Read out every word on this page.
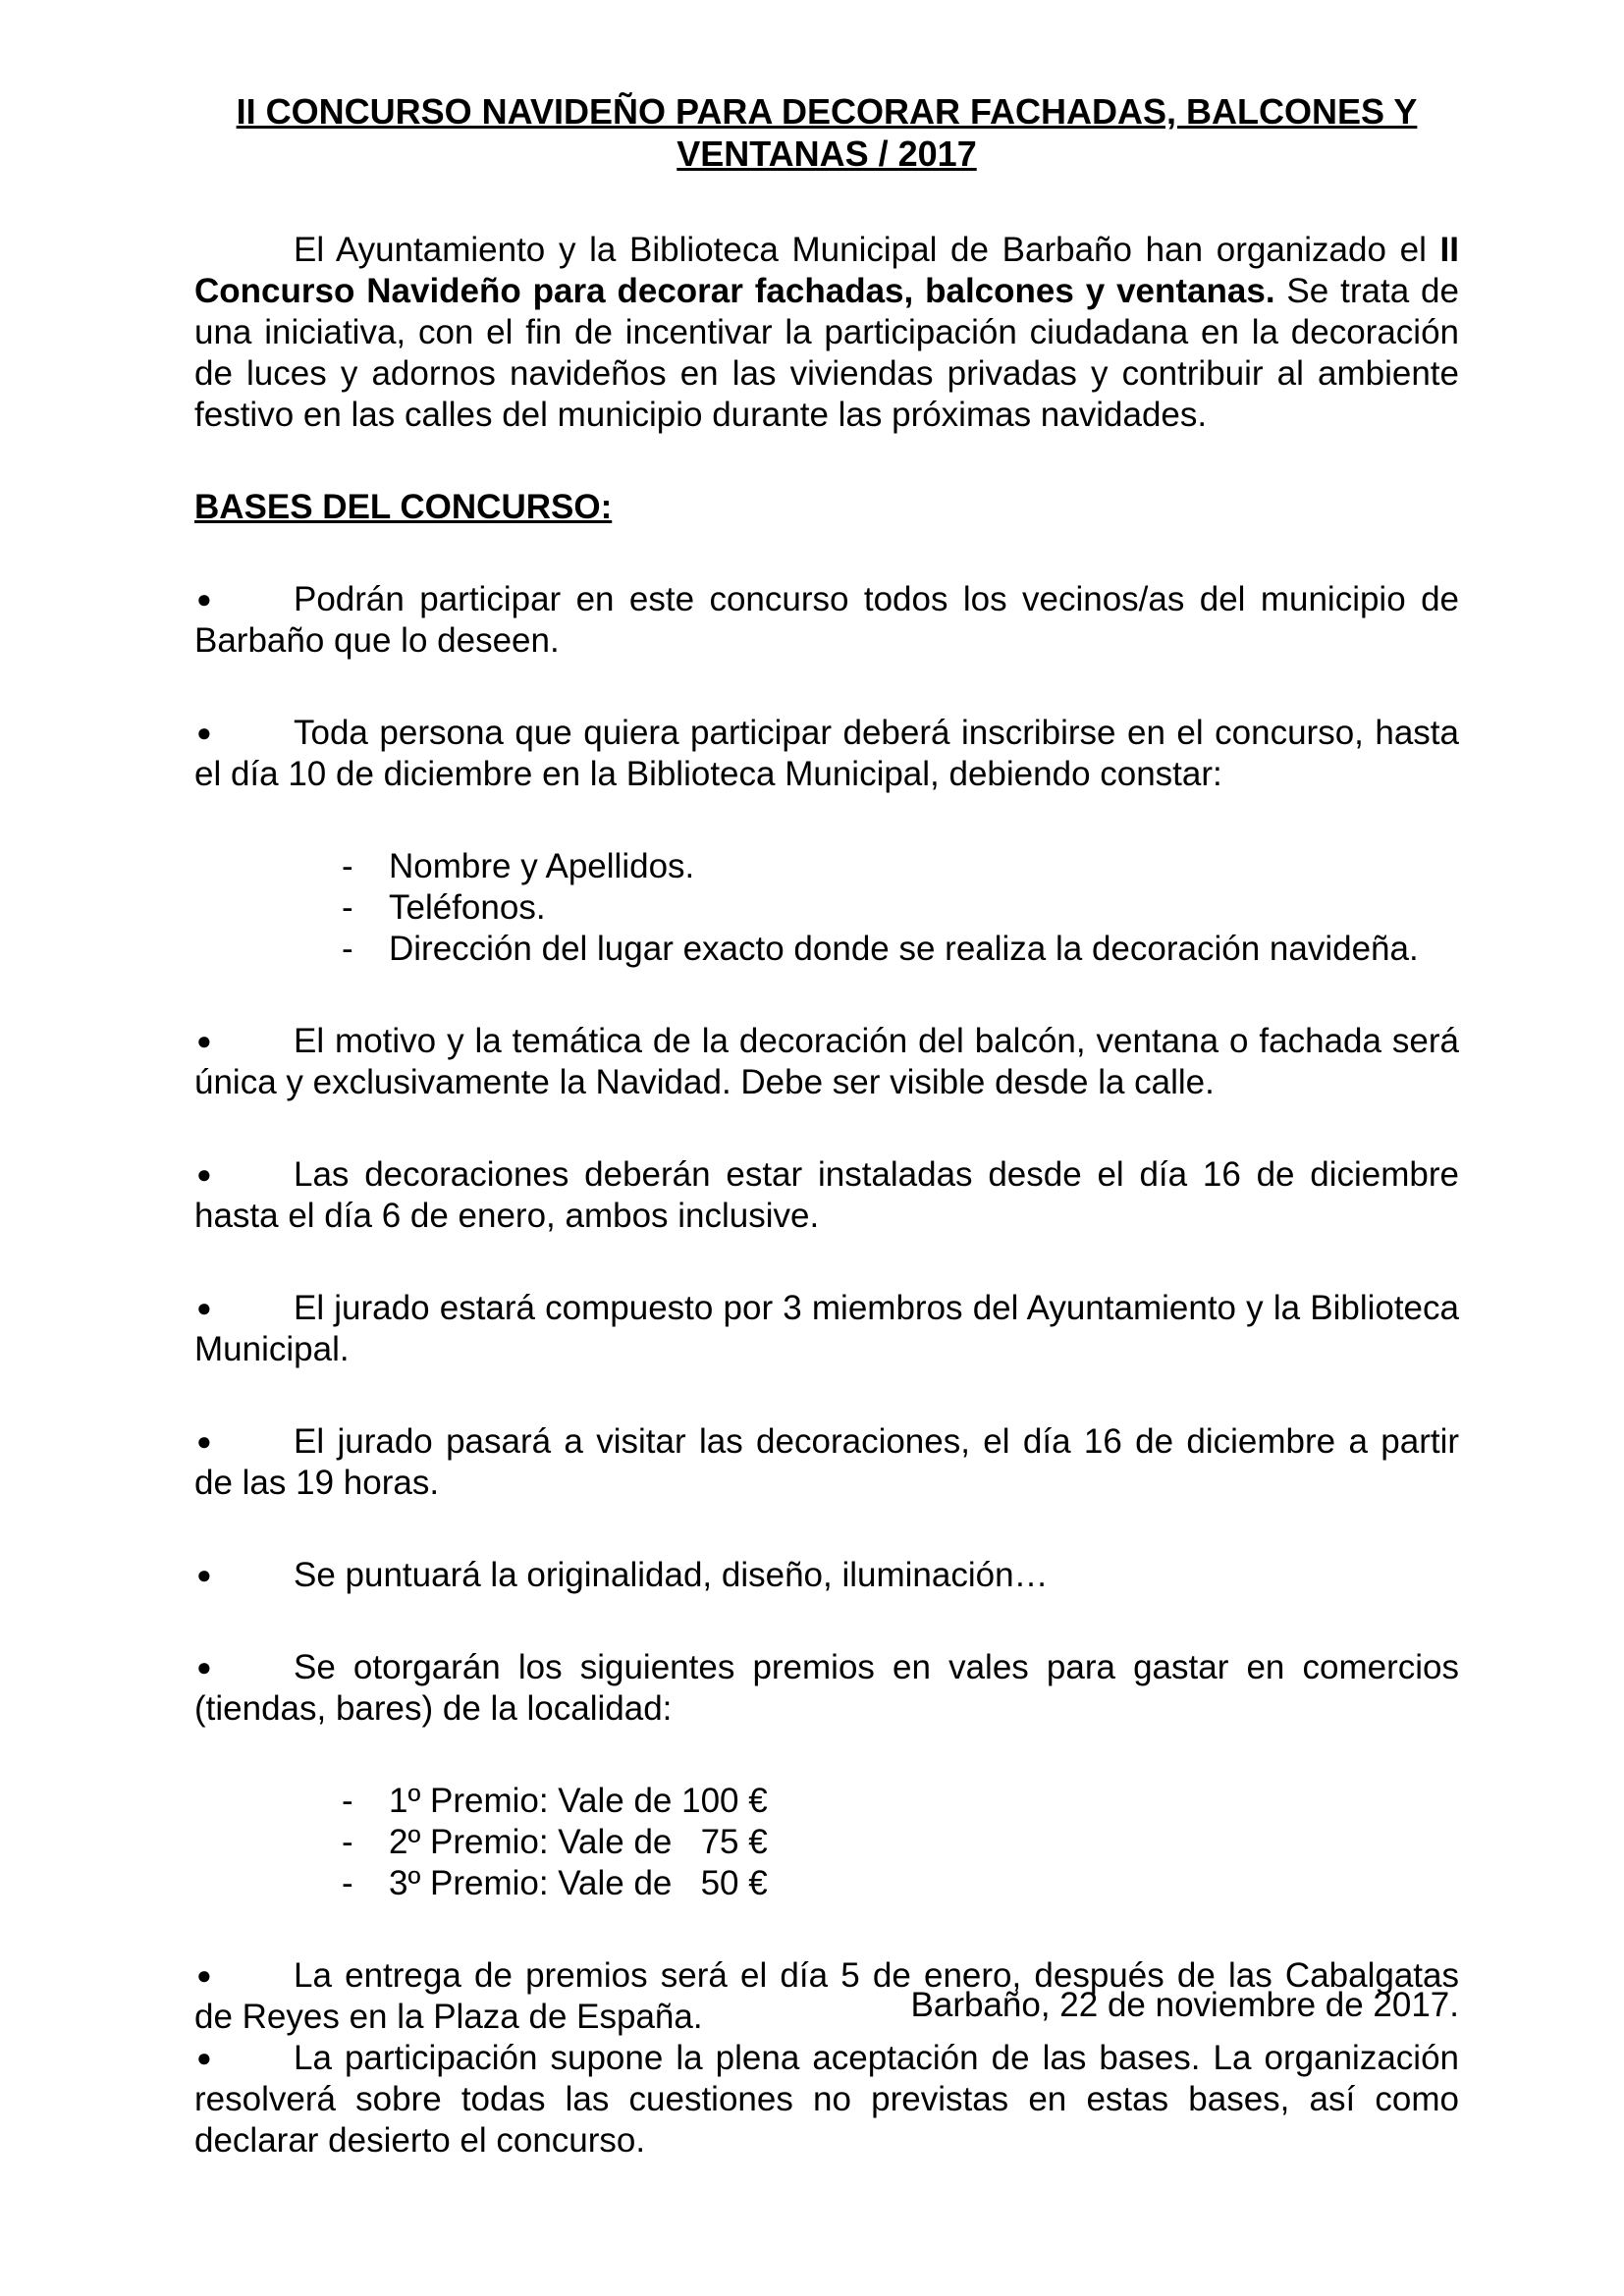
II CONCURSO NAVIDEÑO PARA DECORAR FACHADAS, BALCONES Y VENTANAS / 2017

El Ayuntamiento y la Biblioteca Municipal de Barbaño han organizado el II Concurso Navideño para decorar fachadas, balcones y ventanas. Se trata de una iniciativa, con el fin de incentivar la participación ciudadana en la decoración de luces y adornos navideños en las viviendas privadas y contribuir al ambiente festivo en las calles del municipio durante las próximas navidades.

BASES DEL CONCURSO:

● Podrán participar en este concurso todos los vecinos/as del municipio de Barbaño que lo deseen.
● Toda persona que quiera participar deberá inscribirse en el concurso, hasta el día 10 de diciembre en la Biblioteca Municipal, debiendo constar:
- Nombre y Apellidos.
- Teléfonos.
- Dirección del lugar exacto donde se realiza la decoración navideña.
● El motivo y la temática de la decoración del balcón, ventana o fachada será única y exclusivamente la Navidad. Debe ser visible desde la calle.
● Las decoraciones deberán estar instaladas desde el día 16 de diciembre hasta el día 6 de enero, ambos inclusive.
● El jurado estará compuesto por 3 miembros del Ayuntamiento y la Biblioteca Municipal.
● El jurado pasará a visitar las decoraciones, el día 16 de diciembre a partir de las 19 horas.
● Se puntuará la originalidad, diseño, iluminación…
● Se otorgarán los siguientes premios en vales para gastar en comercios (tiendas, bares) de la localidad:
- 1º Premio: Vale de 100 €
- 2º Premio: Vale de   75 €
- 3º Premio: Vale de   50 €
● La entrega de premios será el día 5 de enero, después de las Cabalgatas de Reyes en la Plaza de España.
● La participación supone la plena aceptación de las bases. La organización resolverá sobre todas las cuestiones no previstas en estas bases, así como declarar desierto el concurso.
Barbaño, 22 de noviembre de 2017.
